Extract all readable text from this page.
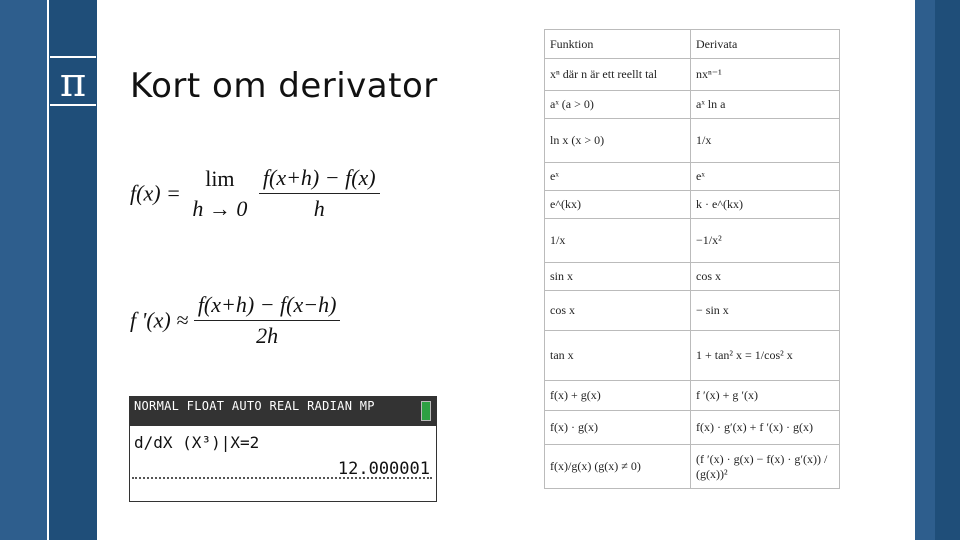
π Kort om derivator
f(x) =
lim
h → 0
$\frac{f(x+h) - f(x)}{h}$
f '$(x) \approx \frac{f(x+h) - f(x-h)}{2h}$
NORMAL FLOAT AUTO REAL RADIAN MP
d/dX (X³)|X=2
12.000001
Funktion	Derivata
xⁿ där n är ett reellt tal	nxⁿ⁻¹
aˣ (a > 0)	aˣ ln a
ln x (x > 0)	1/x
eˣ	eˣ
e^(kx)	k · e^(kx)
1/x	−1/x²
sin x	cos x
cos x	− sin x
tan x	1 + tan² x = 1/cos² x
f(x) + g(x)	f ′(x) + g ′(x)
f(x) · g(x)	f(x) · g′(x) + f ′(x) · g(x)
f(x)/g(x) (g(x) ≠ 0)	(f ′(x) · g(x) − f(x) · g′(x)) / (g(x))²
